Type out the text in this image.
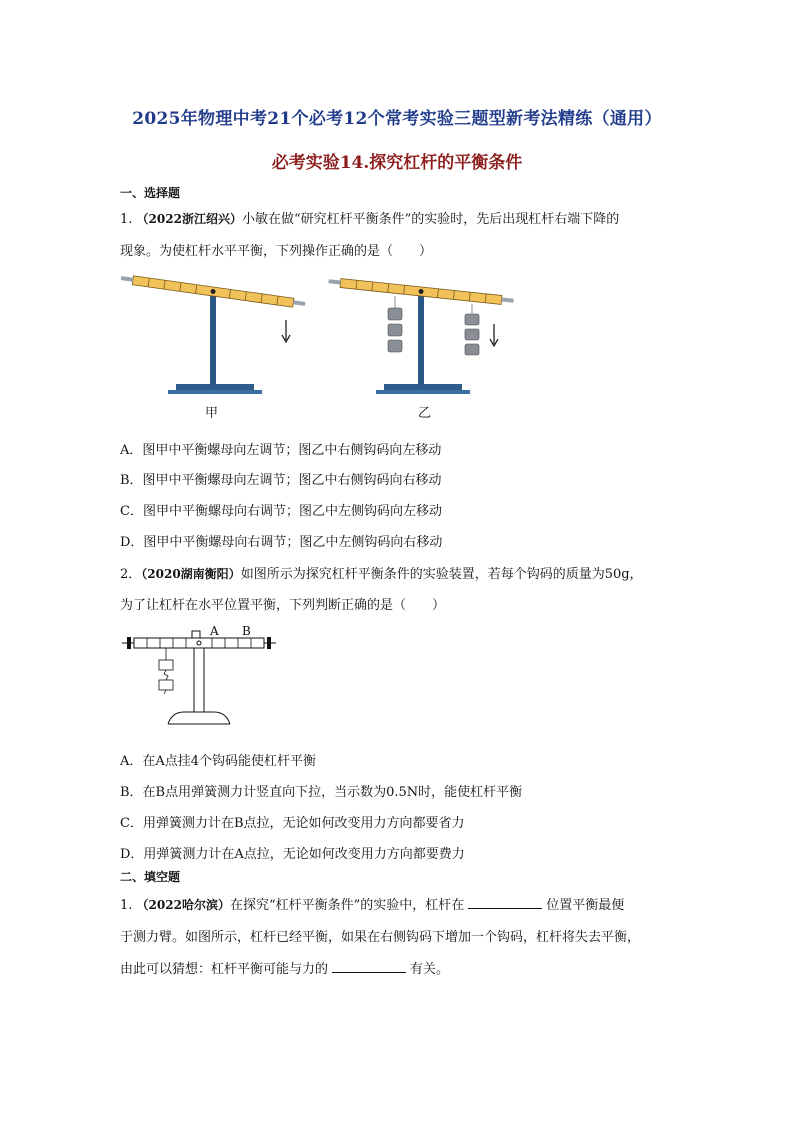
2025年物理中考21个必考12个常考实验三题型新考法精练（通用）
必考实验14.探究杠杆的平衡条件
一、选择题
1. （2022浙江绍兴）小敏在做“研究杠杆平衡条件”的实验时，先后出现杠杆右端下降的
现象。为使杠杆水平平衡，下列操作正确的是（　　）
甲	乙
A．图甲中平衡螺母向左调节；图乙中右侧钩码向左移动
B．图甲中平衡螺母向左调节；图乙中右侧钩码向右移动
C．图甲中平衡螺母向右调节；图乙中左侧钩码向左移动
D．图甲中平衡螺母向右调节；图乙中左侧钩码向右移动
2．（2020湖南衡阳）如图所示为探究杠杆平衡条件的实验装置，若每个钩码的质量为50g，
为了让杠杆在水平位置平衡，下列判断正确的是（　　）
A B
A．在A点挂4个钩码能使杠杆平衡
B．在B点用弹簧测力计竖直向下拉，当示数为0.5N时，能使杠杆平衡
C．用弹簧测力计在B点拉，无论如何改变用力方向都要省力
D．用弹簧测力计在A点拉，无论如何改变用力方向都要费力
二、填空题
1. （2022哈尔滨）在探究“杠杆平衡条件”的实验中，杠杆在	位置平衡最便
于测力臂。如图所示，杠杆已经平衡，如果在右侧钩码下增加一个钩码，杠杆将失去平衡，
由此可以猜想：杠杆平衡可能与力的	有关。
